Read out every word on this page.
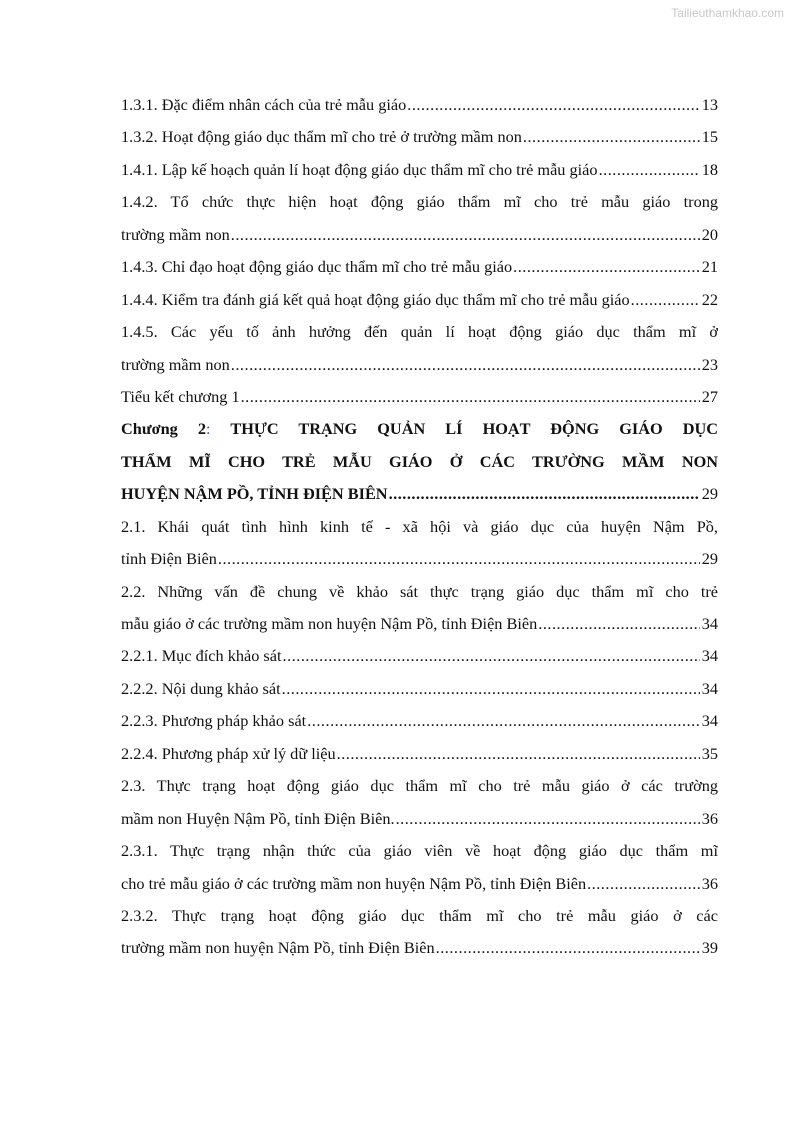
Tailieuthamkhao.com
1.3.1. Đặc điểm nhân cách của trẻ mẫu giáo .....	13
1.3.2. Hoạt động giáo dục thẩm mĩ cho trẻ ở trường mầm non .....	15
1.4.1. Lập kế hoạch quản lí hoạt động giáo dục thẩm mĩ cho trẻ mẫu giáo .....	18
1.4.2. Tổ chức thực hiện hoạt động giáo thẩm mĩ cho trẻ mẫu giáo trong
trường mầm non .....	20
1.4.3. Chỉ đạo hoạt động giáo dục thẩm mĩ cho trẻ mẫu giáo .....	21
1.4.4. Kiểm tra đánh giá kết quả hoạt động giáo dục thẩm mĩ cho trẻ mẫu giáo .....	22
1.4.5. Các yếu tố ảnh hưởng đến quản lí hoạt động giáo dục thẩm mĩ ở
trường mầm non .....	23
Tiểu kết chương 1 .....	27
Chương 2: THỰC TRẠNG QUẢN LÍ HOẠT ĐỘNG GIÁO DỤC
THẨM MĨ CHO TRẺ MẪU GIÁO Ở CÁC TRƯỜNG MẦM NON
HUYỆN NẬM PỒ, TỈNH ĐIỆN BIÊN .....	29
2.1. Khái quát tình hình kinh tế - xã hội và giáo dục của huyện Nậm Pồ,
tỉnh Điện Biên .....	29
2.2. Những vấn đề chung về khảo sát thực trạng giáo dục thẩm mĩ cho trẻ
mẫu giáo ở các trường mầm non huyện Nậm Pồ, tỉnh Điện Biên .....	34
2.2.1. Mục đích khảo sát .....	34
2.2.2. Nội dung khảo sát .....	34
2.2.3. Phương pháp khảo sát .....	34
2.2.4. Phương pháp xử lý dữ liệu .....	35
2.3. Thực trạng hoạt động giáo dục thẩm mĩ cho trẻ mẫu giáo ở các trường
mầm non Huyện Nậm Pồ, tỉnh Điện Biên. .....	36
2.3.1. Thực trạng nhận thức của giáo viên về hoạt động giáo dục thẩm mĩ
cho trẻ mẫu giáo ở các trường mầm non huyện Nậm Pồ, tỉnh Điện Biên .....	36
2.3.2. Thực trạng hoạt động giáo dục thẩm mĩ cho trẻ mẫu giáo ở các
trường mầm non huyện Nậm Pồ, tỉnh Điện Biên .....	39
